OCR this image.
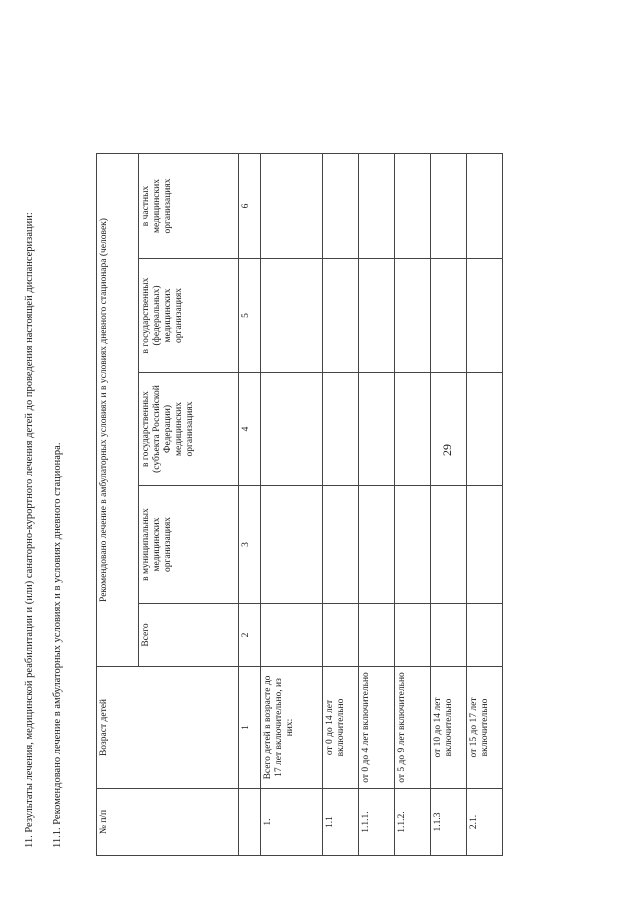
11. Результаты лечения, медицинской реабилитации и (или) санаторно-курортного лечения детей до проведения настоящей диспансеризации: 11.1. Рекомендовано лечение в амбулаторных условиях и в условиях дневного стационара.	29
№ п/п	Возраст детей	Рекомендовано лечение в амбулаторных условиях и в условиях дневного стационара (человек)				
		Всего	в муниципальных медицинских организациях	в государственных (субъекта Российской Федерации) медицинских организациях	в государственных (федеральных) медицинских организациях	в частных медицинских организациях
	1	2	3	4	5	6
1.	Всего детей в возрасте до 17 лет включительно, из них:					
1.1	от 0 до 14 лет включительно					
1.1.1.	от 0 до 4 лет включительно					
1.1.2.	от 5 до 9 лет включительно					
1.1.3	от 10 до 14 лет включительно					
2.1.	от 15 до 17 лет включительно					
